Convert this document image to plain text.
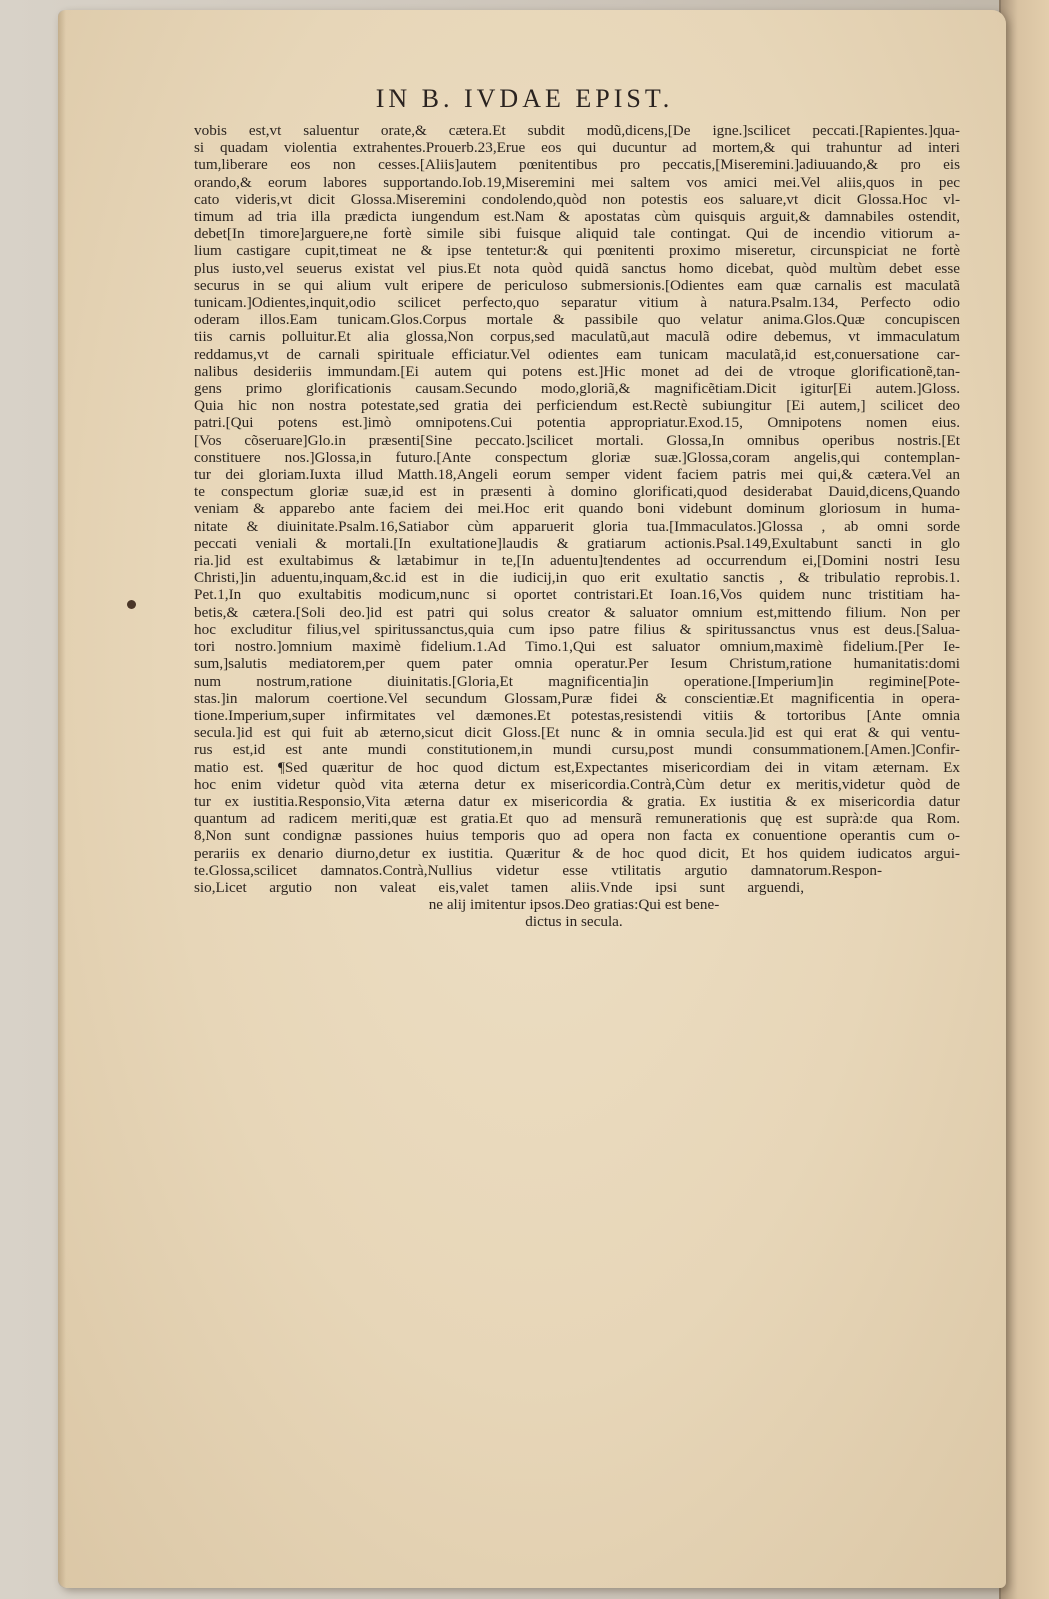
IN B. IVDAE EPIST.
vobis est,vt saluentur orate,& cætera.Et subdit modũ,dicens,[De igne.]scilicet peccati.[Rapientes.]qua-
si quadam violentia extrahentes.Prouerb.23,Erue eos qui ducuntur ad mortem,& qui trahuntur ad interi
tum,liberare eos non cesses.[Aliis]autem pœnitentibus pro peccatis,[Miseremini.]adiuuando,& pro eis
orando,& eorum labores supportando.Iob.19,Miseremini mei saltem vos amici mei.Vel aliis,quos in pec
cato videris,vt dicit Glossa.Miseremini condolendo,quòd non potestis eos saluare,vt dicit Glossa.Hoc vl-
timum ad tria illa prædicta iungendum est.Nam & apostatas cùm quisquis arguit,& damnabiles ostendit,
debet[In timore]arguere,ne fortè simile sibi fuisque aliquid tale contingat. Qui de incendio vitiorum a-
lium castigare cupit,timeat ne & ipse tentetur:& qui pœnitenti proximo miseretur, circunspiciat ne fortè
plus iusto,vel seuerus existat vel pius.Et nota quòd quidã sanctus homo dicebat, quòd multùm debet esse
securus in se qui alium vult eripere de periculoso submersionis.[Odientes eam quæ carnalis est maculatã
tunicam.]Odientes,inquit,odio scilicet perfecto,quo separatur vitium à natura.Psalm.134, Perfecto odio
oderam illos.Eam tunicam.Glos.Corpus mortale & passibile quo velatur anima.Glos.Quæ concupiscen
tiis carnis polluitur.Et alia glossa,Non corpus,sed maculatũ,aut maculã odire debemus, vt immaculatum
reddamus,vt de carnali spirituale efficiatur.Vel odientes eam tunicam maculatã,id est,conuersatione car-
nalibus desideriis immundam.[Ei autem qui potens est.]Hic monet ad dei de vtroque glorificationẽ,tan-
gens primo glorificationis causam.Secundo modo,gloriã,& magnificẽtiam.Dicit igitur[Ei autem.]Gloss.
Quia hic non nostra potestate,sed gratia dei perficiendum est.Rectè subiungitur [Ei autem,] scilicet deo
patri.[Qui potens est.]imò omnipotens.Cui potentia appropriatur.Exod.15, Omnipotens nomen eius.
[Vos cõseruare]Glo.in præsenti[Sine peccato.]scilicet mortali. Glossa,In omnibus operibus nostris.[Et
constituere nos.]Glossa,in futuro.[Ante conspectum gloriæ suæ.]Glossa,coram angelis,qui contemplan-
tur dei gloriam.Iuxta illud Matth.18,Angeli eorum semper vident faciem patris mei qui,& cætera.Vel an
te conspectum gloriæ suæ,id est in præsenti à domino glorificati,quod desiderabat Dauid,dicens,Quando
veniam & apparebo ante faciem dei mei.Hoc erit quando boni videbunt dominum gloriosum in huma-
nitate & diuinitate.Psalm.16,Satiabor cùm apparuerit gloria tua.[Immaculatos.]Glossa , ab omni sorde
peccati veniali & mortali.[In exultatione]laudis & gratiarum actionis.Psal.149,Exultabunt sancti in glo
ria.]id est exultabimus & lætabimur in te,[In aduentu]tendentes ad occurrendum ei,[Domini nostri Iesu
Christi,]in aduentu,inquam,&c.id est in die iudicij,in quo erit exultatio sanctis , & tribulatio reprobis.1.
Pet.1,In quo exultabitis modicum,nunc si oportet contristari.Et Ioan.16,Vos quidem nunc tristitiam ha-
betis,& cætera.[Soli deo.]id est patri qui solus creator & saluator omnium est,mittendo filium. Non per
hoc excluditur filius,vel spiritussanctus,quia cum ipso patre filius & spiritussanctus vnus est deus.[Salua-
tori nostro.]omnium maximè fidelium.1.Ad Timo.1,Qui est saluator omnium,maximè fidelium.[Per Ie-
sum,]salutis mediatorem,per quem pater omnia operatur.Per Iesum Christum,ratione humanitatis:domi
num nostrum,ratione diuinitatis.[Gloria,Et magnificentia]in operatione.[Imperium]in regimine[Pote-
stas.]in malorum coertione.Vel secundum Glossam,Puræ fidei & conscientiæ.Et magnificentia in opera-
tione.Imperium,super infirmitates vel dæmones.Et potestas,resistendi vitiis & tortoribus [Ante omnia
secula.]id est qui fuit ab æterno,sicut dicit Gloss.[Et nunc & in omnia secula.]id est qui erat & qui ventu-
rus est,id est ante mundi constitutionem,in mundi cursu,post mundi consummationem.[Amen.]Confir-
matio est. ¶Sed quæritur de hoc quod dictum est,Expectantes misericordiam dei in vitam æternam. Ex
hoc enim videtur quòd vita æterna detur ex misericordia.Contrà,Cùm detur ex meritis,videtur quòd de
tur ex iustitia.Responsio,Vita æterna datur ex misericordia & gratia. Ex iustitia & ex misericordia datur
quantum ad radicem meriti,quæ est gratia.Et quo ad mensurã remunerationis quę est suprà:de qua Rom.
8,Non sunt condignæ passiones huius temporis quo ad opera non facta ex conuentione operantis cum o-
perariis ex denario diurno,detur ex iustitia. Quæritur & de hoc quod dicit, Et hos quidem iudicatos argui-
te.Glossa,scilicet damnatos.Contrà,Nullius videtur esse vtilitatis argutio damnatorum.Respon-
sio,Licet argutio non valeat eis,valet tamen aliis.Vnde ipsi sunt arguendi,
ne alij imitentur ipsos.Deo gratias:Qui est bene-
dictus in secula.
